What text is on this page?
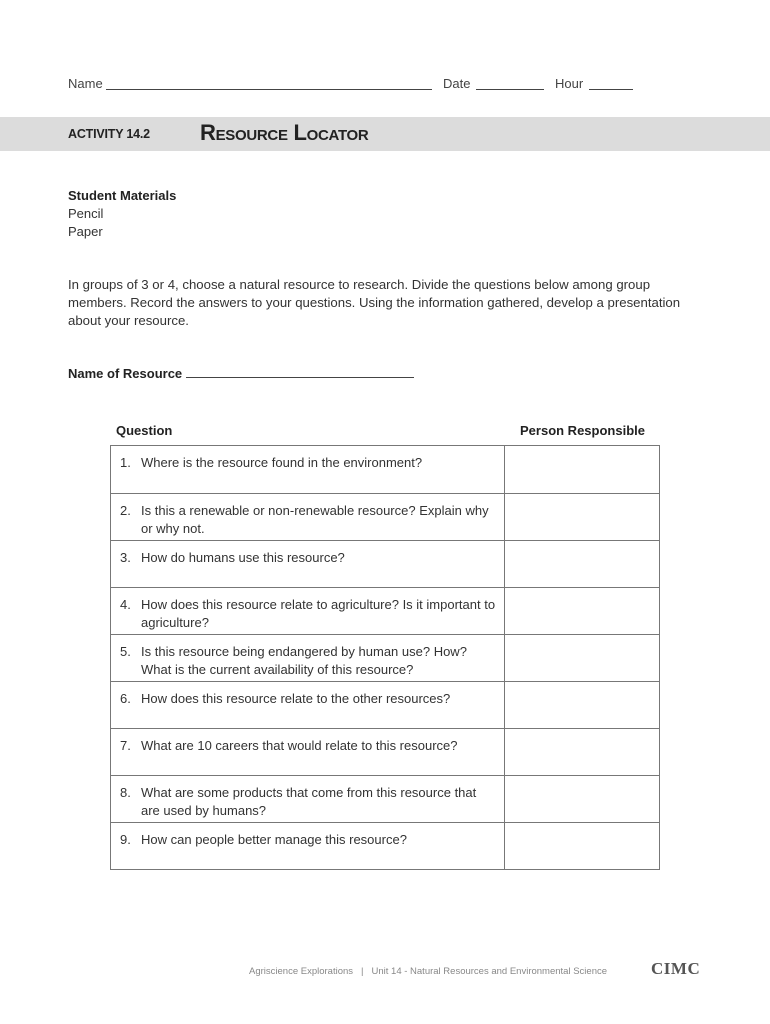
Name	Date	Hour
ACTIVITY 14.2 Resource Locator
Student Materials
Pencil
Paper
In groups of 3 or 4, choose a natural resource to research. Divide the questions below among group members. Record the answers to your questions. Using the information gathered, develop a presentation about your resource.
Name of Resource
Question	Person Responsible
1. Where is the resource found in the environment?
2. Is this a renewable or non-renewable resource? Explain why or why not.
3. How do humans use this resource?
4. How does this resource relate to agriculture? Is it important to agriculture?
5. Is this resource being endangered by human use? How? What is the current availability of this resource?
6. How does this resource relate to the other resources?
7. What are 10 careers that would relate to this resource?
8. What are some products that come from this resource that are used by humans?
9. How can people better manage this resource?
Agriscience Explorations | Unit 14 - Natural Resources and Environmental Science	CIMC
